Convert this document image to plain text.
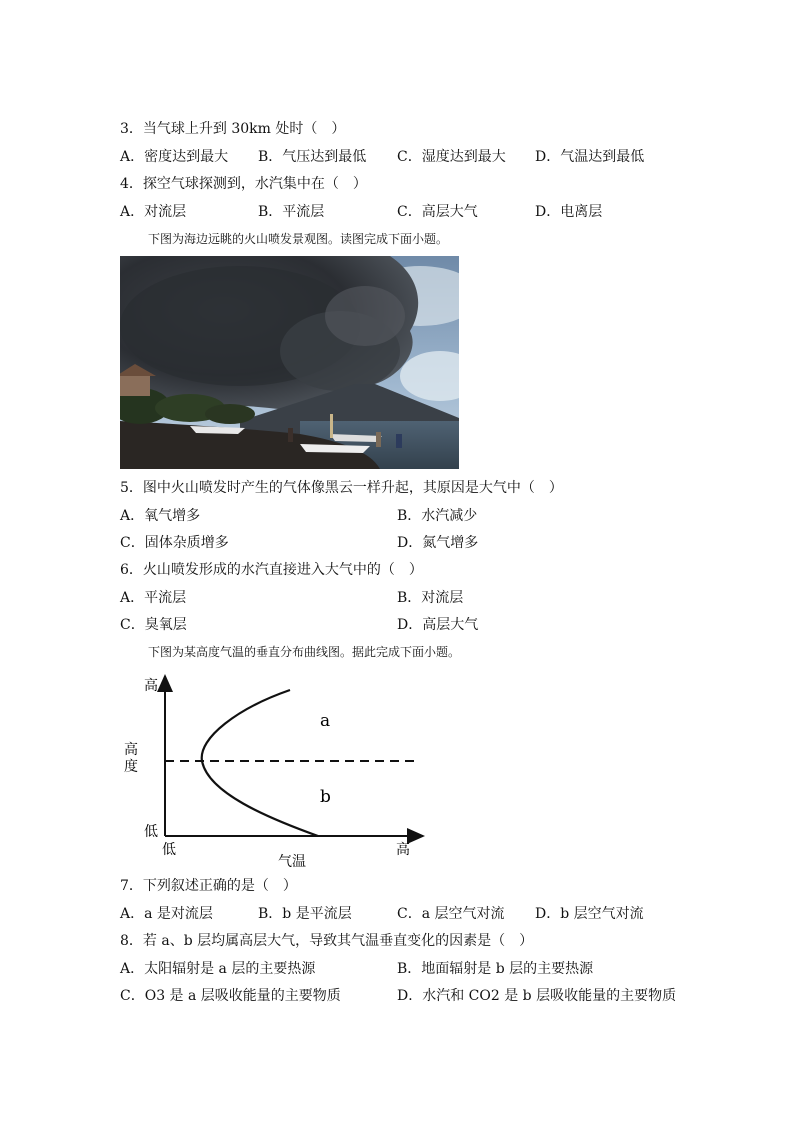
3．当气球上升到 30km 处时（　）
A．密度达到最大 B．气压达到最低 C．湿度达到最大 D．气温达到最低
4．探空气球探测到，水汽集中在（　）
A．对流层	B．平流层	C．高层大气	D．电离层
下图为海边远眺的火山喷发景观图。读图完成下面小题。
5．图中火山喷发时产生的气体像黑云一样升起，其原因是大气中（　）
A．氧气增多	B．水汽减少
C．固体杂质增多	D．氮气增多
6．火山喷发形成的水汽直接进入大气中的（　）
A．平流层	B．对流层
C．臭氧层	D．高层大气
下图为某高度气温的垂直分布曲线图。据此完成下面小题。
高
高
度
低
低
气温
高
a
b
7．下列叙述正确的是（　）
A．a 是对流层	B．b 是平流层	C．a 层空气对流 D．b 层空气对流
8．若 a、b 层均属高层大气，导致其气温垂直变化的因素是（　）
A．太阳辐射是 a 层的主要热源	B．地面辐射是 b 层的主要热源
C．O3 是 a 层吸收能量的主要物质	D．水汽和 CO2 是 b 层吸收能量的主要物质
